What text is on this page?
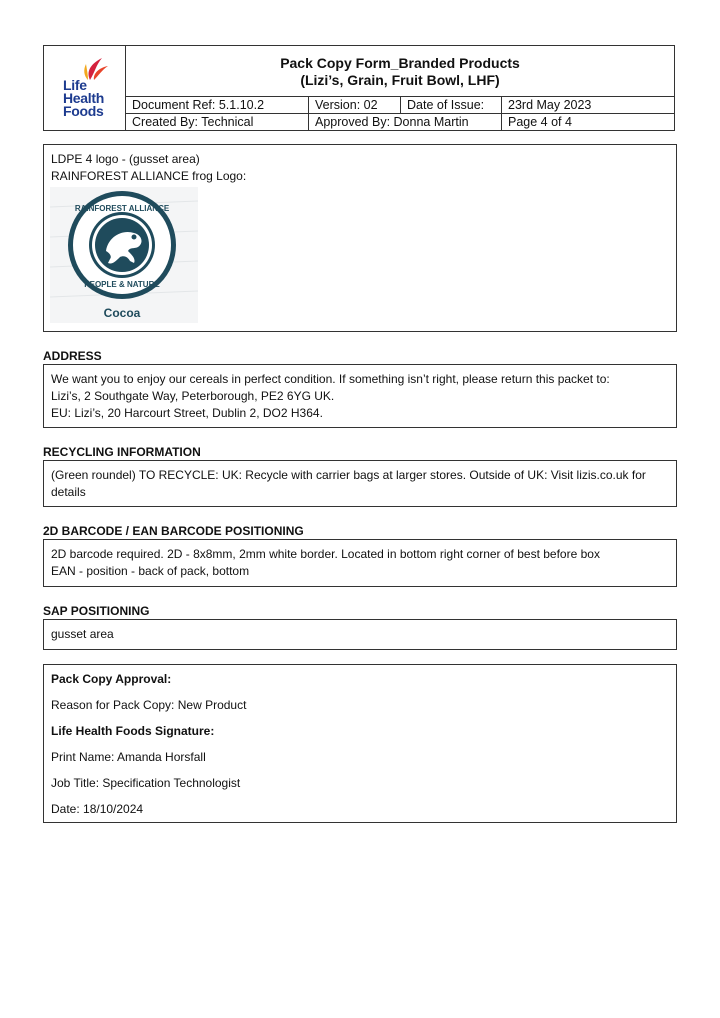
Life
Health
Foods
Pack Copy Form_Branded Products
(Lizi’s, Grain, Fruit Bowl, LHF)
Document Ref: 5.1.10.2	Version: 02	Date of Issue:	23rd May 2023
Created By: Technical	Approved By: Donna Martin	Page 4 of 4
LDPE 4 logo - (gusset area)
RAINFOREST ALLIANCE frog Logo:
RAINFOREST ALLIANCE
PEOPLE & NATURE
Cocoa
ADDRESS
We want you to enjoy our cereals in perfect condition. If something isn’t right, please return this packet to:
Lizi’s, 2 Southgate Way, Peterborough, PE2 6YG UK.
EU: Lizi’s, 20 Harcourt Street, Dublin 2, DO2 H364.
RECYCLING INFORMATION
(Green roundel) TO RECYCLE: UK: Recycle with carrier bags at larger stores. Outside of UK: Visit lizis.co.uk for details
2D BARCODE / EAN BARCODE POSITIONING
2D barcode required. 2D - 8x8mm, 2mm white border. Located in bottom right corner of best before box
EAN - position - back of pack, bottom
SAP POSITIONING
gusset area

Pack Copy Approval:

Reason for Pack Copy: New Product

Life Health Foods Signature:

Print Name: Amanda Horsfall

Job Title: Specification Technologist

Date: 18/10/2024
